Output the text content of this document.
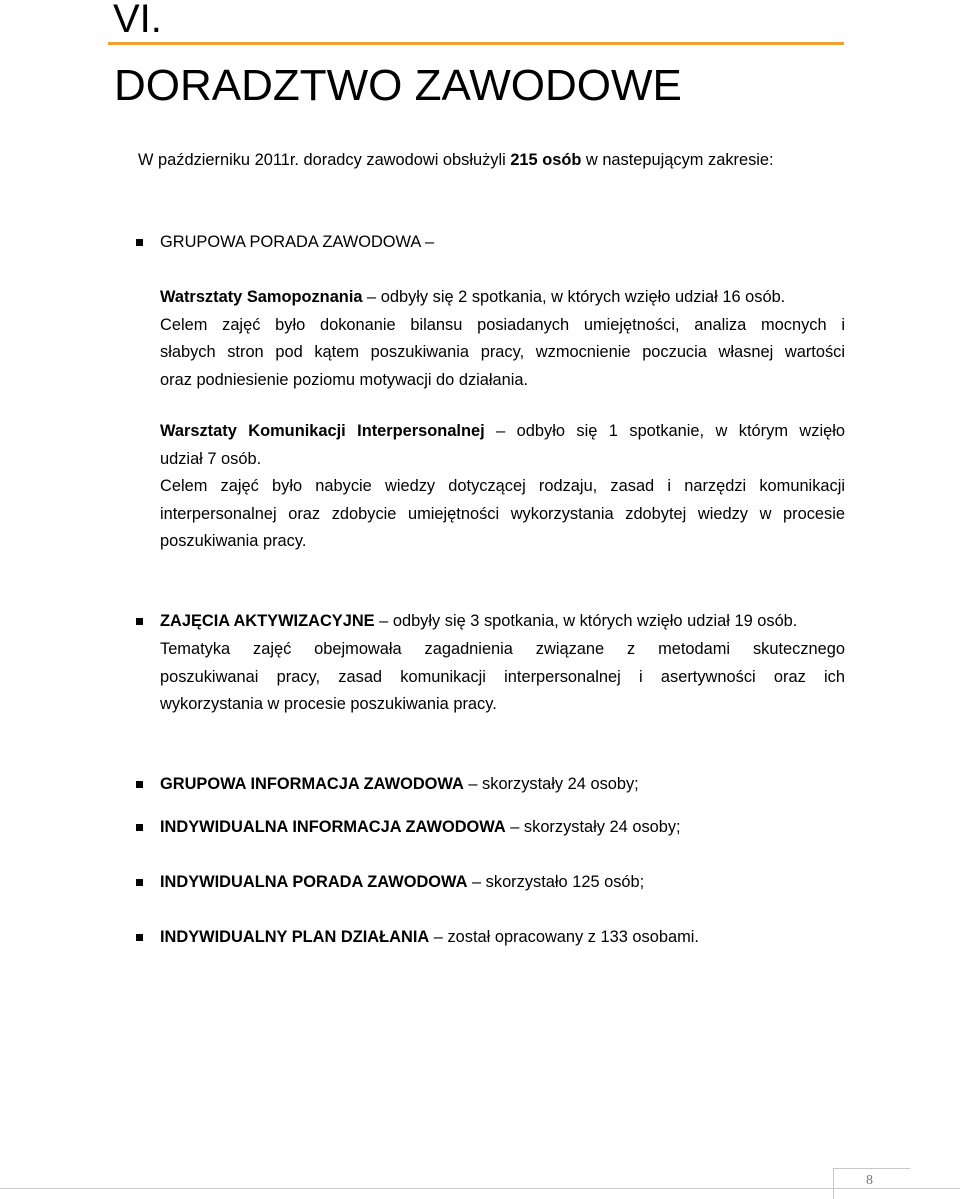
VI.
DORADZTWO ZAWODOWE
W październiku 2011r. doradcy zawodowi obsłużyli 215 osób w nastepującym zakresie:
GRUPOWA PORADA ZAWODOWA –
Watrsztaty Samopoznania – odbyły się 2 spotkania, w których wzięło udział 16 osób.
Celem zajęć było dokonanie bilansu posiadanych umiejętności, analiza mocnych i
słabych stron pod kątem poszukiwania pracy, wzmocnienie poczucia własnej wartości
oraz podniesienie poziomu motywacji do działania.
Warsztaty Komunikacji Interpersonalnej – odbyło się 1 spotkanie, w którym wzięło
udział 7 osób.
Celem zajęć było nabycie wiedzy dotyczącej rodzaju, zasad i narzędzi komunikacji
interpersonalnej oraz zdobycie umiejętności wykorzystania zdobytej wiedzy w procesie
poszukiwania pracy.
ZAJĘCIA AKTYWIZACYJNE – odbyły się 3 spotkania, w których wzięło udział 19 osób.
Tematyka zajęć obejmowała zagadnienia związane z metodami skutecznego
poszukiwanai pracy, zasad komunikacji interpersonalnej i asertywności oraz ich
wykorzystania w procesie poszukiwania pracy.
GRUPOWA INFORMACJA ZAWODOWA – skorzystały 24 osoby;
INDYWIDUALNA INFORMACJA ZAWODOWA – skorzystały 24 osoby;
INDYWIDUALNA PORADA ZAWODOWA – skorzystało 125 osób;
INDYWIDUALNY PLAN DZIAŁANIA – został opracowany z 133 osobami.
8
